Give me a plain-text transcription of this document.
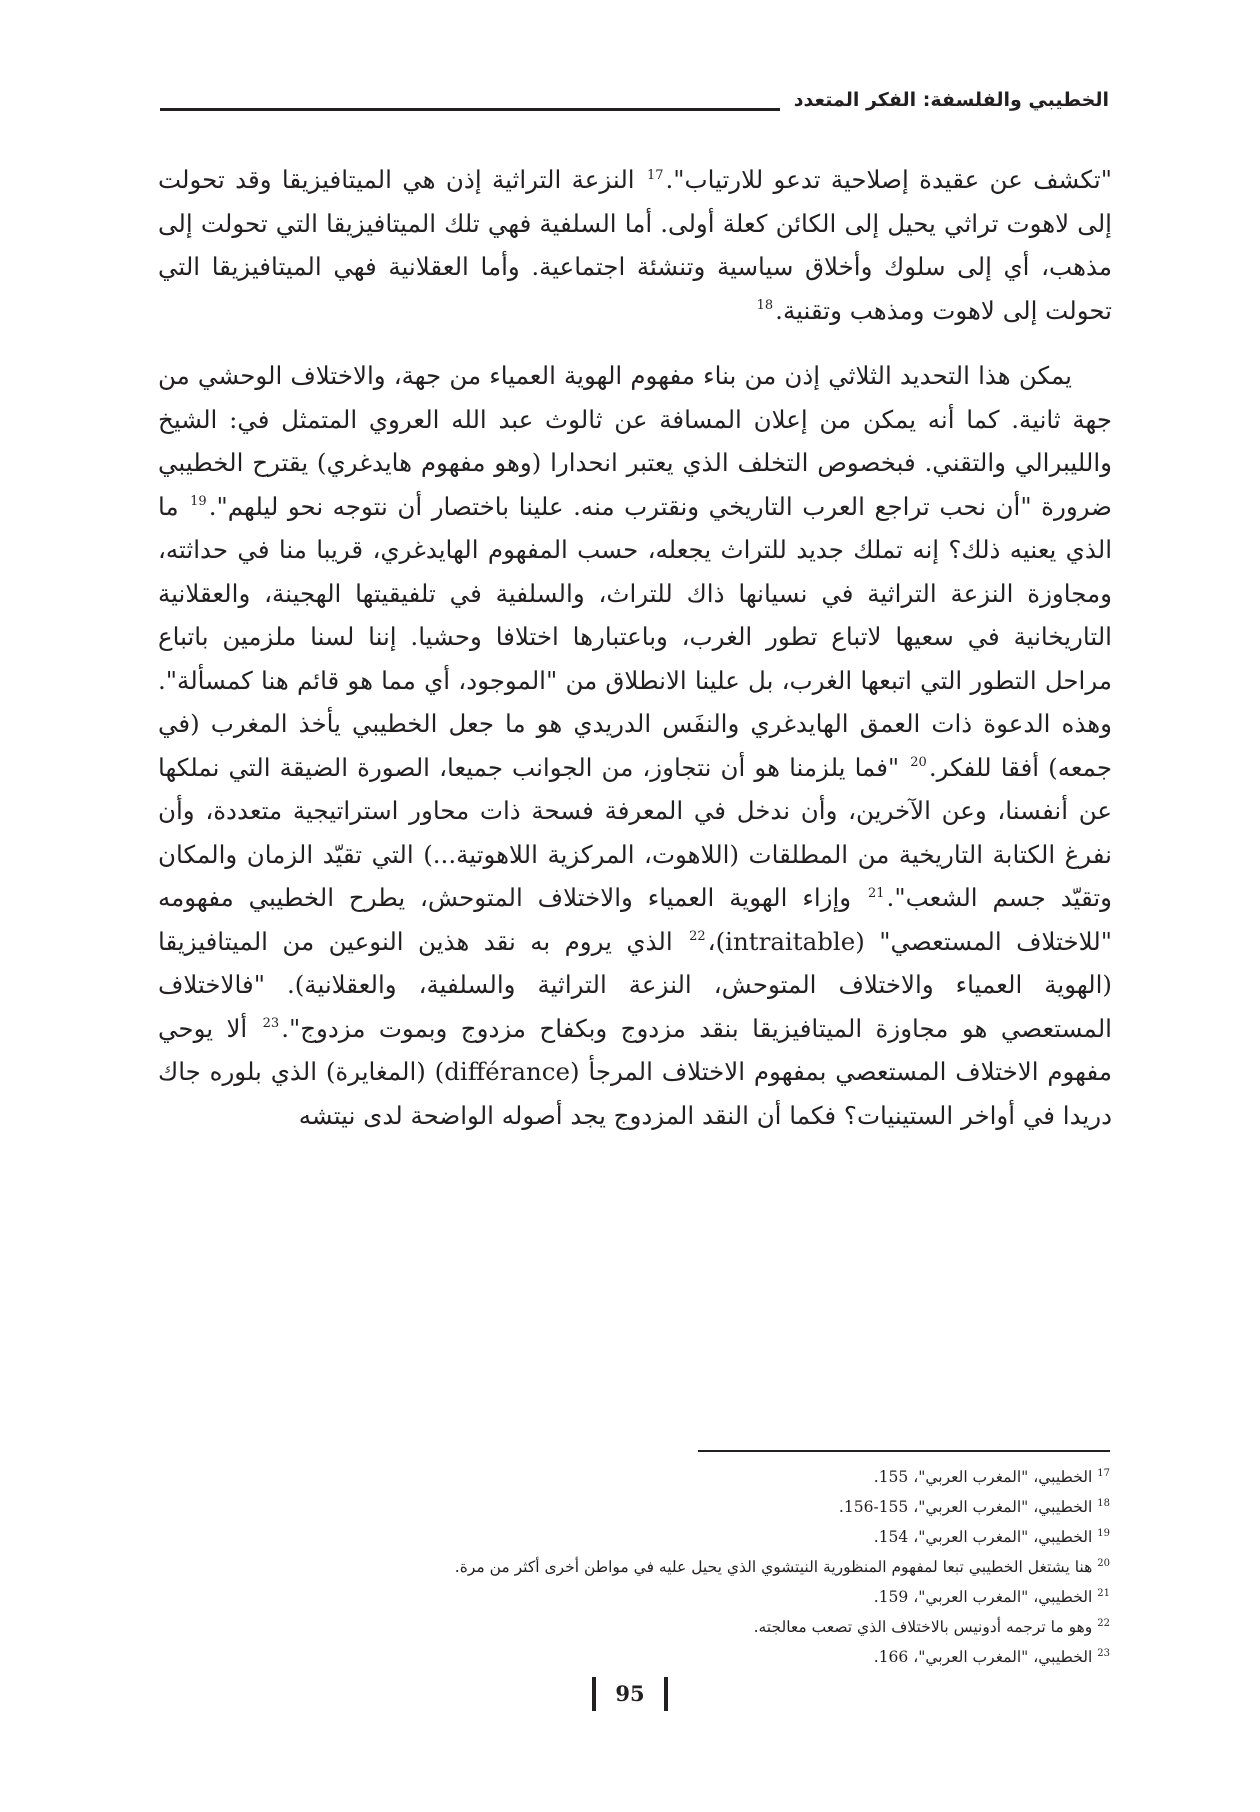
الخطيبي والفلسفة: الفكر المتعدد

"تكشف عن عقيدة إصلاحية تدعو للارتياب".$^{17}$ النزعة التراثية إذن هي الميتافيزيقا وقد تحولت إلى لاهوت تراثي يحيل إلى الكائن كعلة أولى. أما السلفية فهي تلك الميتافيزيقا التي تحولت إلى مذهب، أي إلى سلوك وأخلاق سياسية وتنشئة اجتماعية. وأما العقلانية فهي الميتافيزيقا التي تحولت إلى لاهوت ومذهب وتقنية.$^{18}$

يمكن هذا التحديد الثلاثي إذن من بناء مفهوم الهوية العمياء من جهة، والاختلاف الوحشي من جهة ثانية. كما أنه يمكن من إعلان المسافة عن ثالوث عبد الله العروي المتمثل في: الشيخ والليبرالي والتقني. فبخصوص التخلف الذي يعتبر انحدارا (وهو مفهوم هايدغري) يقترح الخطيبي ضرورة "أن نحب تراجع العرب التاريخي ونقترب منه. علينا باختصار أن نتوجه نحو ليلهم".$^{19}$ ما الذي يعنيه ذلك؟ إنه تملك جديد للتراث يجعله، حسب المفهوم الهايدغري، قريبا منا في حداثته، ومجاوزة النزعة التراثية في نسيانها ذاك للتراث، والسلفية في تلفيقيتها الهجينة، والعقلانية التاريخانية في سعيها لاتباع تطور الغرب، وباعتبارها اختلافا وحشيا. إننا لسنا ملزمين باتباع مراحل التطور التي اتبعها الغرب، بل علينا الانطلاق من "الموجود، أي مما هو قائم هنا كمسألة". وهذه الدعوة ذات العمق الهايدغري والنفَس الدريدي هو ما جعل الخطيبي يأخذ المغرب (في جمعه) أفقا للفكر.$^{20}$ "فما يلزمنا هو أن نتجاوز، من الجوانب جميعا، الصورة الضيقة التي نملكها عن أنفسنا، وعن الآخرين، وأن ندخل في المعرفة فسحة ذات محاور استراتيجية متعددة، وأن نفرغ الكتابة التاريخية من المطلقات (اللاهوت، المركزية اللاهوتية...) التي تقيّد الزمان والمكان وتقيّد جسم الشعب".$^{21}$ وإزاء الهوية العمياء والاختلاف المتوحش، يطرح الخطيبي مفهومه "للاختلاف المستعصي" (intraitable)،$^{22}$ الذي يروم به نقد هذين النوعين من الميتافيزيقا (الهوية العمياء والاختلاف المتوحش، النزعة التراثية والسلفية، والعقلانية). "فالاختلاف المستعصي هو مجاوزة الميتافيزيقا بنقد مزدوج وبكفاح مزدوج وبموت مزدوج".$^{23}$ ألا يوحي مفهوم الاختلاف المستعصي بمفهوم الاختلاف المرجأ (différance) (المغايرة) الذي بلوره جاك دريدا في أواخر الستينيات؟ فكما أن النقد المزدوج يجد أصوله الواضحة لدى نيتشه

$^{17}$الخطيبي، "المغرب العربي"، 155.
$^{18}$الخطيبي، "المغرب العربي"، 155-156.
$^{19}$الخطيبي، "المغرب العربي"، 154.
$^{20}$هنا يشتغل الخطيبي تبعا لمفهوم المنظورية النيتشوي الذي يحيل عليه في مواطن أخرى أكثر من مرة.
$^{21}$الخطيبي، "المغرب العربي"، 159.
$^{22}$وهو ما ترجمه أدونيس بالاختلاف الذي تصعب معالجته.
$^{23}$الخطيبي، "المغرب العربي"، 166.
95
